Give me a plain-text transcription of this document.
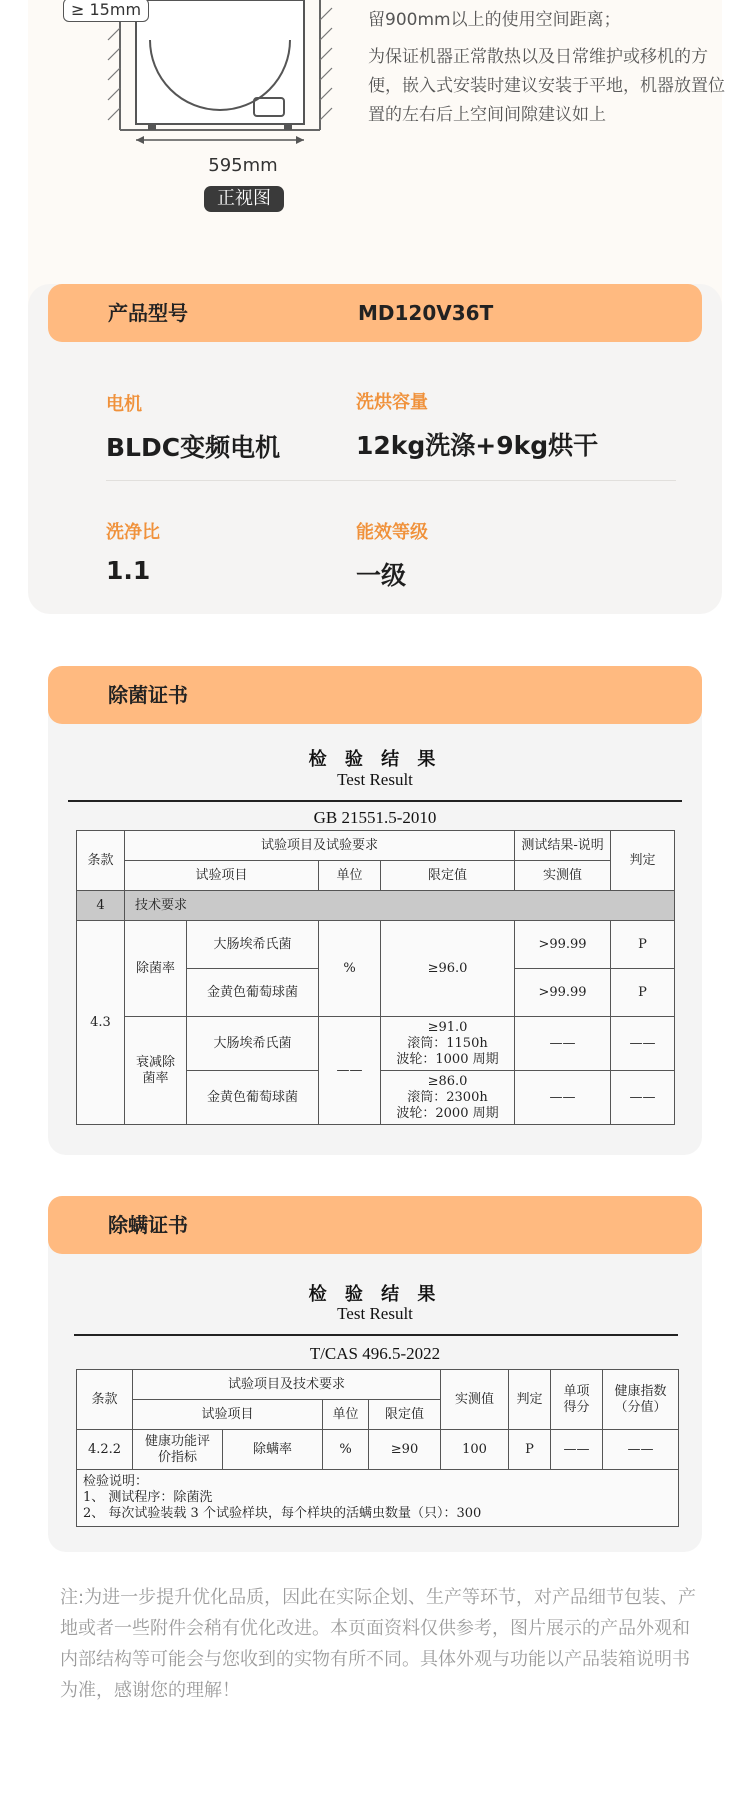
≥ 15mm
595mm
正视图

留900mm以上的使用空间距离；

为保证机器正常散热以及日常维护或移机的方便，嵌入式安装时建议安装于平地，机器放置位置的左右后上空间间隙建议如上

产品型号	MD120V36T
电机
BLDC变频电机
洗烘容量
12kg洗涤+9kg烘干
洗净比
1.1
能效等级
一级
检 验 结 果
Test Result
GB 21551.5-2010
条款	试验项目及试验要求				测试结果-说明	判定
	试验项目		单位	限定值	实测值	
4	技术要求					
4.3	除菌率	大肠埃希氏菌	%	≥96.0	>99.99	P
		金黄色葡萄球菌			>99.99	P
	衰减除菌率	大肠埃希氏菌	——	≥91.0
滚筒：1150h
波轮：1000 周期	——	——
		金黄色葡萄球菌		≥86.0
滚筒：2300h
波轮：2000 周期	——	——
除菌证书
检 验 结 果
Test Result
T/CAS 496.5-2022
条款	试验项目及技术要求				实测值	判定	单项得分	健康指数（分值）
	试验项目		单位	限定值				
4.2.2	健康功能评价指标	除螨率	%	≥90	100	P	——	——

检验说明：
1、 测试程序：除菌洗
2、 每次试验装载 3 个试验样块，每个样块的活螨虫数量（只）：300								
除螨证书
注:为进一步提升优化品质，因此在实际企划、生产等环节，对产品细节包装、产地或者一些附件会稍有优化改进。本页面资料仅供参考，图片展示的产品外观和内部结构等可能会与您收到的实物有所不同。具体外观与功能以产品装箱说明书为准，感谢您的理解！
